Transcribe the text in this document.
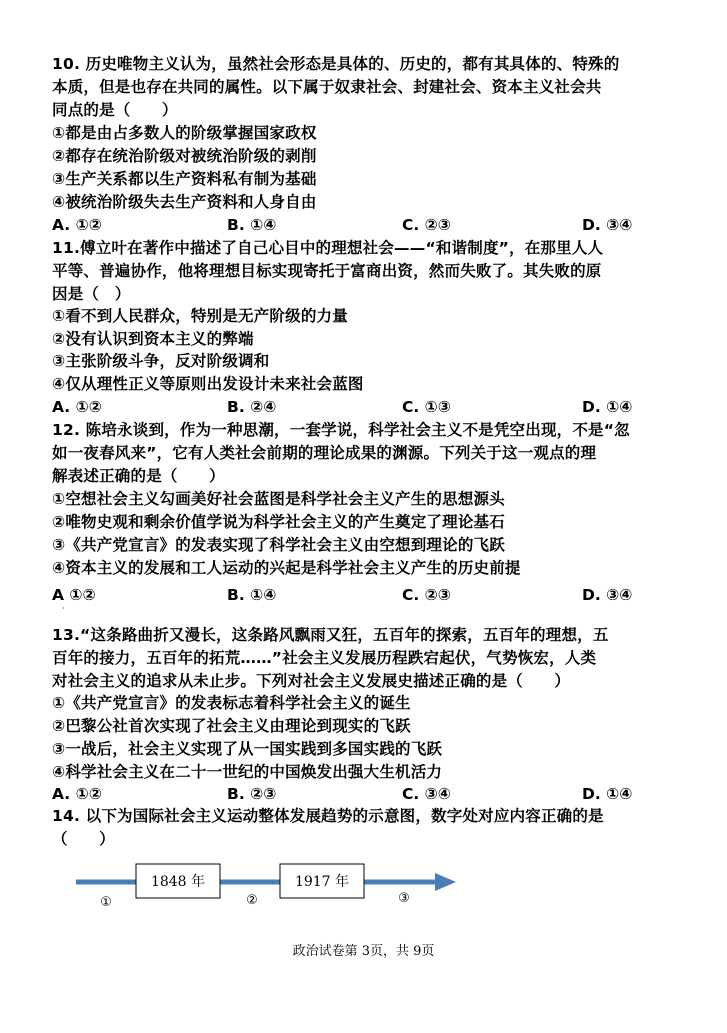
10. 历史唯物主义认为，虽然社会形态是具体的、历史的，都有其具体的、特殊的
本质，但是也存在共同的属性。以下属于奴隶社会、封建社会、资本主义社会共
同点的是（　　）
①都是由占多数人的阶级掌握国家政权
②都存在统治阶级对被统治阶级的剥削
③生产关系都以生产资料私有制为基础
④被统治阶级失去生产资料和人身自由
A. ①②	B. ①④	C. ②③	D. ③④
11.傅立叶在著作中描述了自己心目中的理想社会——“和谐制度”，在那里人人
平等、普遍协作，他将理想目标实现寄托于富商出资，然而失败了。其失败的原
因是（　）
①看不到人民群众，特别是无产阶级的力量
②没有认识到资本主义的弊端
③主张阶级斗争，反对阶级调和
④仅从理性正义等原则出发设计未来社会蓝图
A. ①②	B. ②④	C. ①③	D. ①④
12. 陈培永谈到，作为一种思潮，一套学说，科学社会主义不是凭空出现，不是“忽
如一夜春风来”，它有人类社会前期的理论成果的渊源。下列关于这一观点的理
解表述正确的是（　　）
①空想社会主义勾画美好社会蓝图是科学社会主义产生的思想源头
②唯物史观和剩余价值学说为科学社会主义的产生奠定了理论基石
③《共产党宣言》的发表实现了科学社会主义由空想到理论的飞跃
④资本主义的发展和工人运动的兴起是科学社会主义产生的历史前提
A ①②	B. ①④	C. ②③	D. ③④
·
13.“这条路曲折又漫长，这条路风飘雨又狂，五百年的探索，五百年的理想，五
百年的接力，五百年的拓荒……”社会主义发展历程跌宕起伏，气势恢宏，人类
对社会主义的追求从未止步。下列对社会主义发展史描述正确的是（　　）
①《共产党宣言》的发表标志着科学社会主义的诞生
②巴黎公社首次实现了社会主义由理论到现实的飞跃
③一战后，社会主义实现了从一国实践到多国实践的飞跃
④科学社会主义在二十一世纪的中国焕发出强大生机活力
A. ①②	B. ②③	C. ③④	D. ①④
14. 以下为国际社会主义运动整体发展趋势的示意图，数字处对应内容正确的是
（　　）
1848 年	1917 年
①	②	③
政治试卷第 3页，共 9页
